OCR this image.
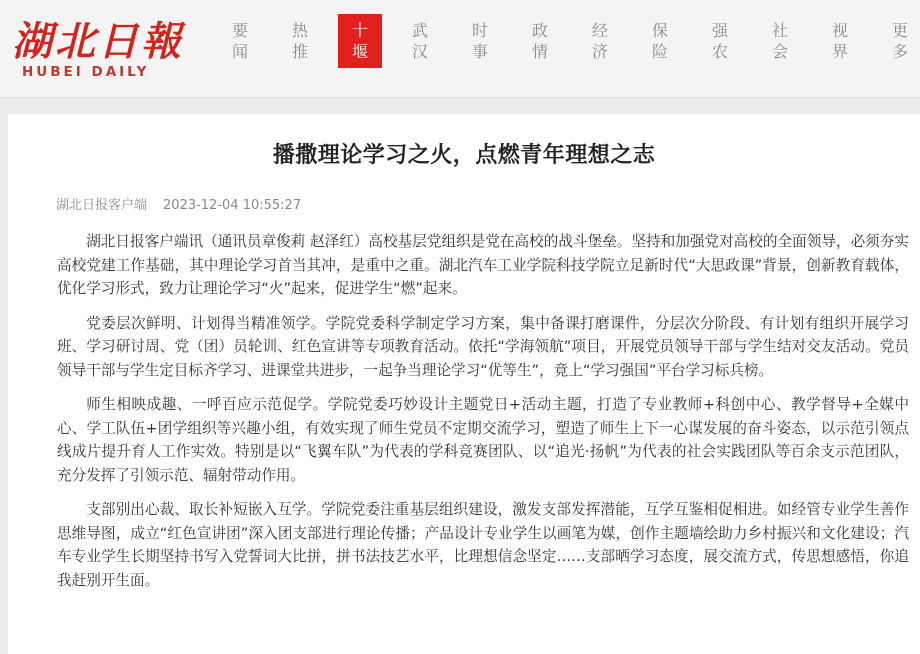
湖北日報
HUBEI DAILY
要
闻
热
推
十
堰
武
汉
时
事
政
情
经
济
保
险
强
农
社
会
视
界
更
多
播撒理论学习之火，点燃青年理想之志
湖北日报客户端 2023-12-04 10:55:27

湖北日报客户端讯（通讯员章俊莉 赵泽红）高校基层党组织是党在高校的战斗堡垒。坚持和加强党对高校的全面领导，必须夯实高校党建工作基础，其中理论学习首当其冲，是重中之重。湖北汽车工业学院科技学院立足新时代“大思政课”背景，创新教育载体，优化学习形式，致力让理论学习“火”起来，促进学生“燃”起来。

党委层次鲜明、计划得当精准领学。学院党委科学制定学习方案，集中备课打磨课件，分层次分阶段、有计划有组织开展学习班、学习研讨周、党（团）员轮训、红色宣讲等专项教育活动。依托“学海领航”项目，开展党员领导干部与学生结对交友活动。党员领导干部与学生定目标齐学习、进课堂共进步，一起争当理论学习“优等生”，竟上“学习强国”平台学习标兵榜。

师生相映成趣、一呼百应示范促学。学院党委巧妙设计主题党日+活动主题，打造了专业教师+科创中心、教学督导+全媒中心、学工队伍+团学组织等兴趣小组，有效实现了师生党员不定期交流学习，塑造了师生上下一心谋发展的奋斗姿态，以示范引领点线成片提升育人工作实效。特别是以“飞翼车队”为代表的学科竞赛团队、以“追光·扬帆”为代表的社会实践团队等百余支示范团队，充分发挥了引领示范、辐射带动作用。

支部别出心裁、取长补短嵌入互学。学院党委注重基层组织建设，激发支部发挥潜能，互学互鉴相促相进。如经管专业学生善作思维导图，成立“红色宣讲团”深入团支部进行理论传播；产品设计专业学生以画笔为媒，创作主题墙绘助力乡村振兴和文化建设；汽车专业学生长期坚持书写入党誓词大比拼，拼书法技艺水平，比理想信念坚定……支部晒学习态度，展交流方式，传思想感悟，你追我赶别开生面。
